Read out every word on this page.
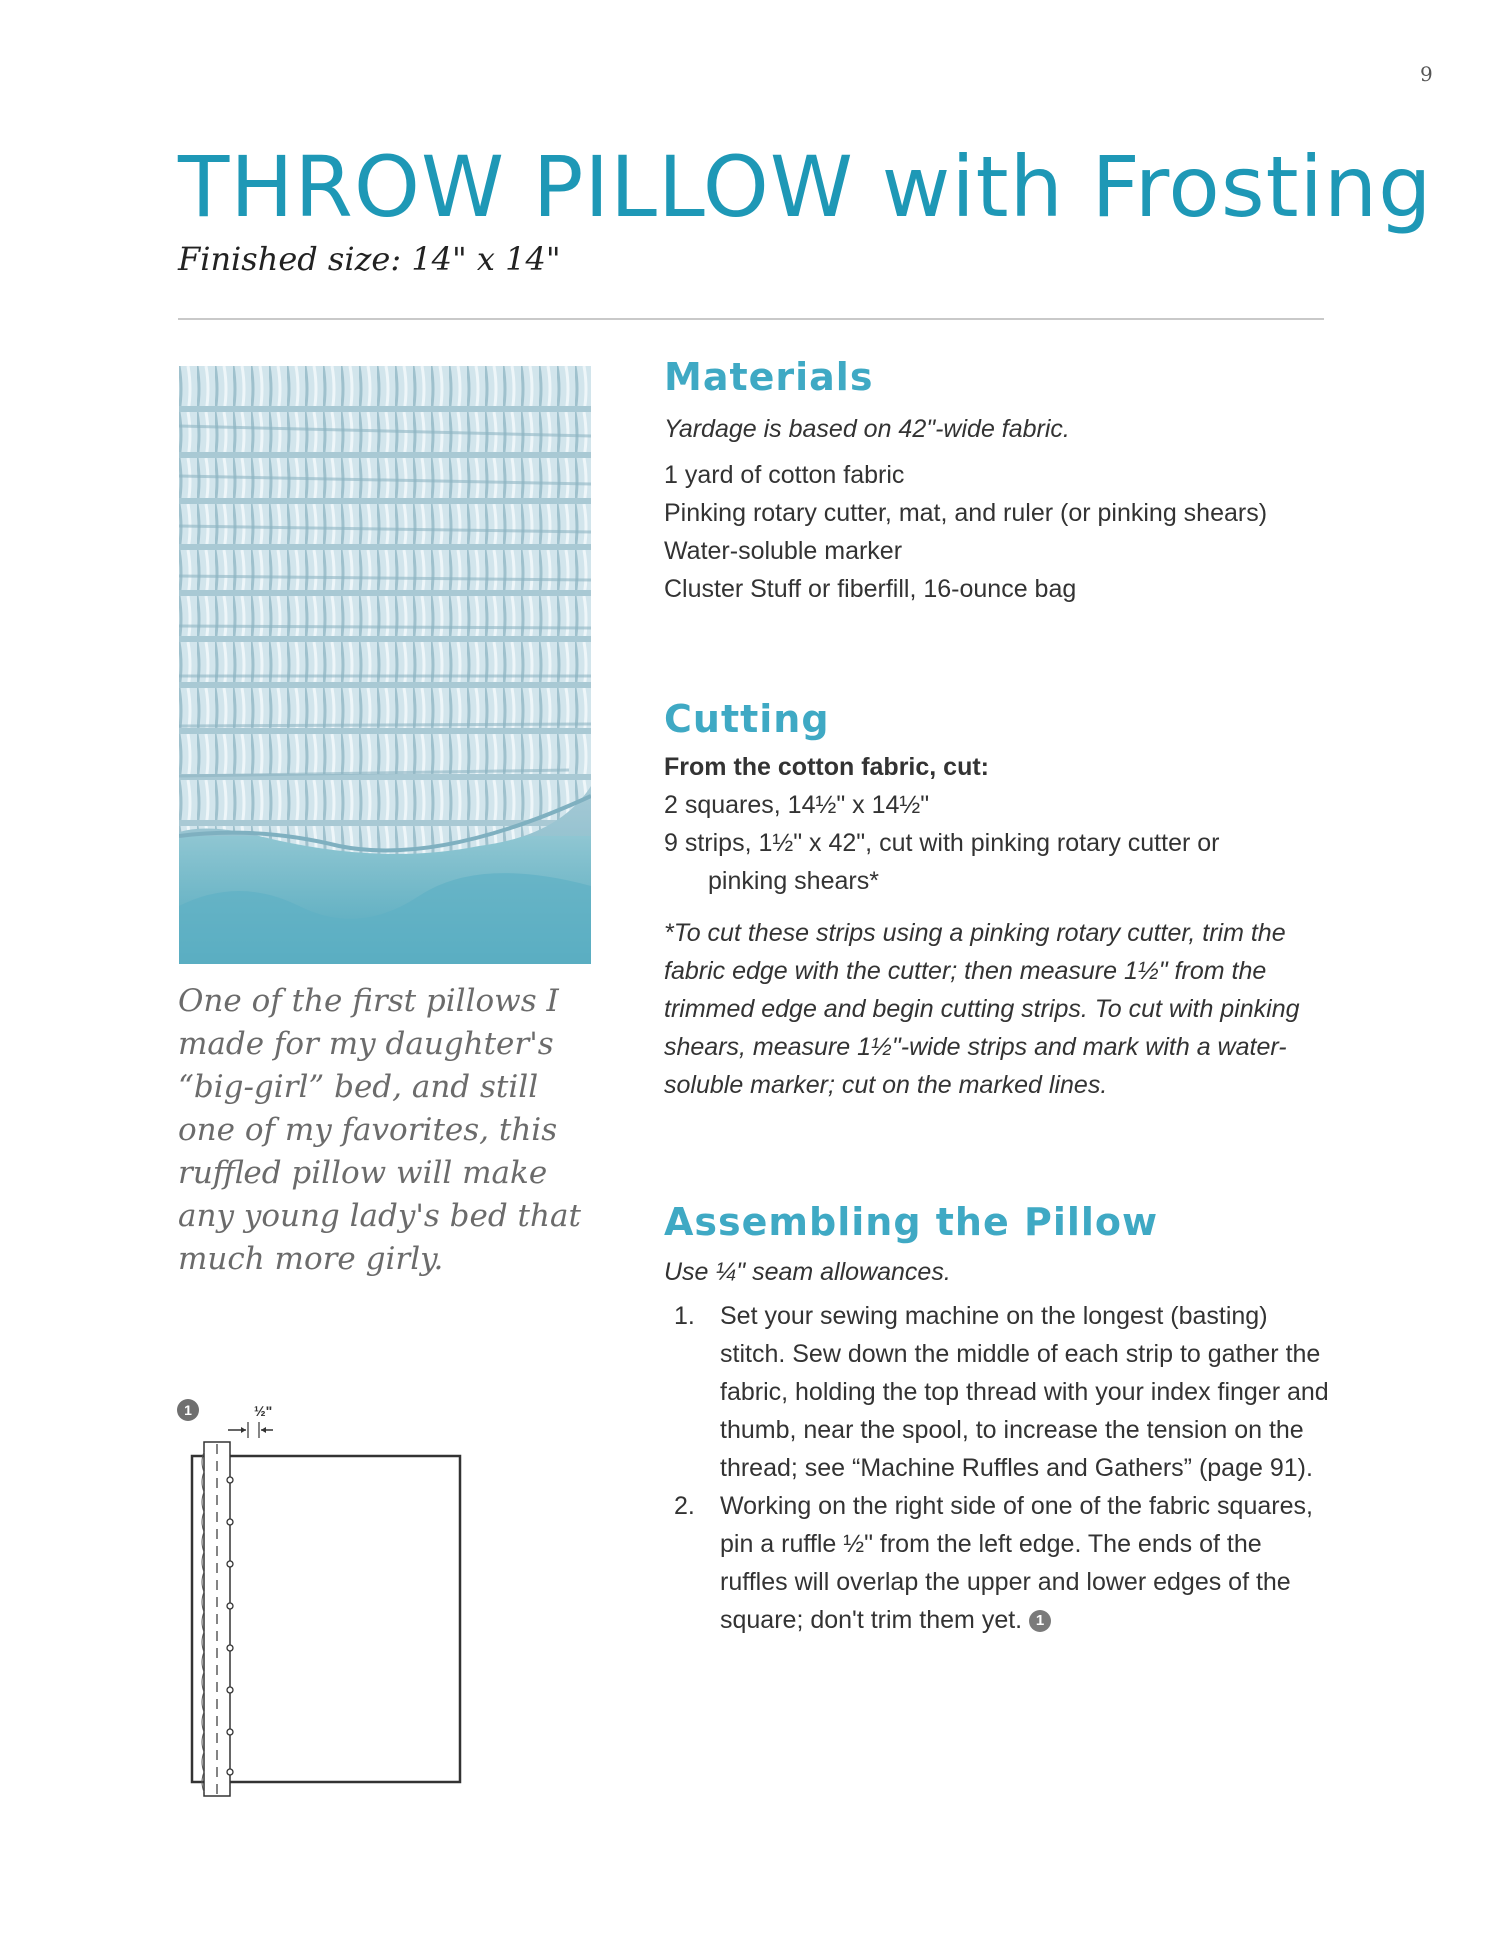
9
THROW PILLOW with Frosting
Finished size: 14" x 14"
One of the first pillows I made for my daughter's “big-girl” bed, and still one of my favorites, this ruffled pillow will make any young lady's bed that much more girly.
1	½"
Materials
Yardage is based on 42"-wide fabric.
1 yard of cotton fabric
Pinking rotary cutter, mat, and ruler (or pinking shears)
Water-soluble marker
Cluster Stuff or fiberfill, 16-ounce bag
Cutting
From the cotton fabric, cut:
2 squares, 14½" x 14½"
9 strips, 1½" x 42", cut with pinking rotary cutter or pinking shears*
*To cut these strips using a pinking rotary cutter, trim the fabric edge with the cutter; then measure 1½" from the trimmed edge and begin cutting strips. To cut with pinking shears, measure 1½"-wide strips and mark with a water-soluble marker; cut on the marked lines.
Assembling the Pillow
Use ¼" seam allowances.
1. Set your sewing machine on the longest (basting) stitch. Sew down the middle of each strip to gather the fabric, holding the top thread with your index finger and thumb, near the spool, to increase the tension on the thread; see “Machine Ruffles and Gathers” (page 91).
2. Working on the right side of one of the fabric squares, pin a ruffle ½" from the left edge. The ends of the ruffles will overlap the upper and lower edges of the square; don't trim them yet. 1
